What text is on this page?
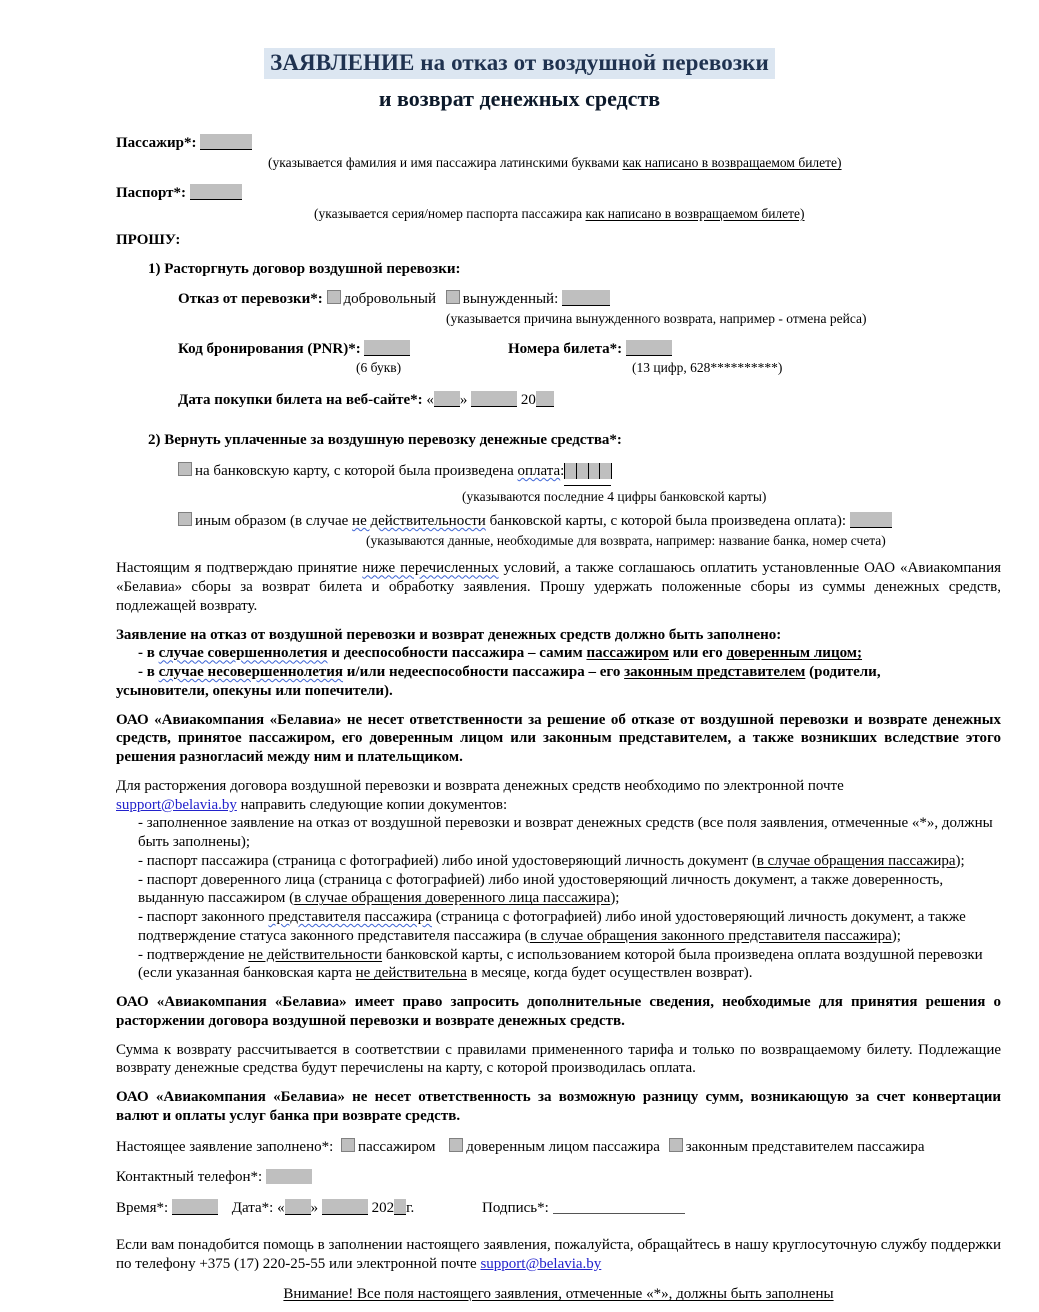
ЗАЯВЛЕНИЕ на отказ от воздушной перевозки
и возврат денежных средств
Пассажир*:
(указывается фамилия и имя пассажира латинскими буквами как написано в возвращаемом билете)
Паспорт*:
(указывается серия/номер паспорта пассажира как написано в возвращаемом билете)
ПРОШУ:
1) Расторгнуть договор воздушной перевозки:
Отказ от перевозки*: добровольный вынужденный:
(указывается причина вынужденного возврата, например - отмена рейса)
Код бронирования (PNR)*:
(6 букв)
Номера билета*:
(13 цифр, 628**********)
Дата покупки билета на веб-сайте*: « »	20
2) Вернуть уплаченные за воздушную перевозку денежные средства*:
на банковскую карту, с которой была произведена оплата:
(указываются последние 4 цифры банковской карты)
иным образом (в случае не действительности банковской карты, с которой была произведена оплата):
(указываются данные, необходимые для возврата, например: название банка, номер счета)

Настоящим я подтверждаю принятие ниже перечисленных условий, а также соглашаюсь оплатить установленные ОАО «Авиакомпания «Белавиа» сборы за возврат билета и обработку заявления. Прошу удержать положенные сборы из суммы денежных средств, подлежащей возврату.

Заявление на отказ от воздушной перевозки и возврат денежных средств должно быть заполнено:

- в случае совершеннолетия и дееспособности пассажира – самим пассажиром или его доверенным лицом;

- в случае несовершеннолетия и/или недееспособности пассажира – его законным представителем (родители,

усыновители, опекуны или попечители).

ОАО «Авиакомпания «Белавиа» не несет ответственности за решение об отказе от воздушной перевозки и возврате денежных средств, принятое пассажиром, его доверенным лицом или законным представителем, а также возникших вследствие этого решения разногласий между ним и плательщиком.

Для расторжения договора воздушной перевозки и возврата денежных средств необходимо по электронной почте

support@belavia.by направить следующие копии документов:

- заполненное заявление на отказ от воздушной перевозки и возврат денежных средств (все поля заявления, отмеченные «*», должны быть заполнены);

- паспорт пассажира (страница с фотографией) либо иной удостоверяющий личность документ (в случае обращения пассажира);

- паспорт доверенного лица (страница с фотографией) либо иной удостоверяющий личность документ, а также доверенность, выданную пассажиром (в случае обращения доверенного лица пассажира);

- паспорт законного представителя пассажира (страница с фотографией) либо иной удостоверяющий личность документ, а также подтверждение статуса законного представителя пассажира (в случае обращения законного представителя пассажира);

- подтверждение не действительности банковской карты, с использованием которой была произведена оплата воздушной перевозки (если указанная банковская карта не действительна в месяце, когда будет осуществлен возврат).

ОАО «Авиакомпания «Белавиа» имеет право запросить дополнительные сведения, необходимые для принятия решения о расторжении договора воздушной перевозки и возврате денежных средств.

Сумма к возврату рассчитывается в соответствии с правилами примененного тарифа и только по возвращаемому билету. Подлежащие возврату денежные средства будут перечислены на карту, с которой производилась оплата.

ОАО «Авиакомпания «Белавиа» не несет ответственность за возможную разницу сумм, возникающую за счет конвертации валют и оплаты услуг банка при возврате средств.

Настоящее заявление заполнено*: пассажиром доверенным лицом пассажира законным представителем пассажира
Контактный телефон*:
Время*:	Дата*: « »	202 г.	Подпись*:

Если вам понадобится помощь в заполнении настоящего заявления, пожалуйста, обращайтесь в нашу круглосуточную службу поддержки по телефону +375 (17) 220-25-55 или электронной почте support@belavia.by

Внимание! Все поля настоящего заявления, отмеченные «*», должны быть заполнены
